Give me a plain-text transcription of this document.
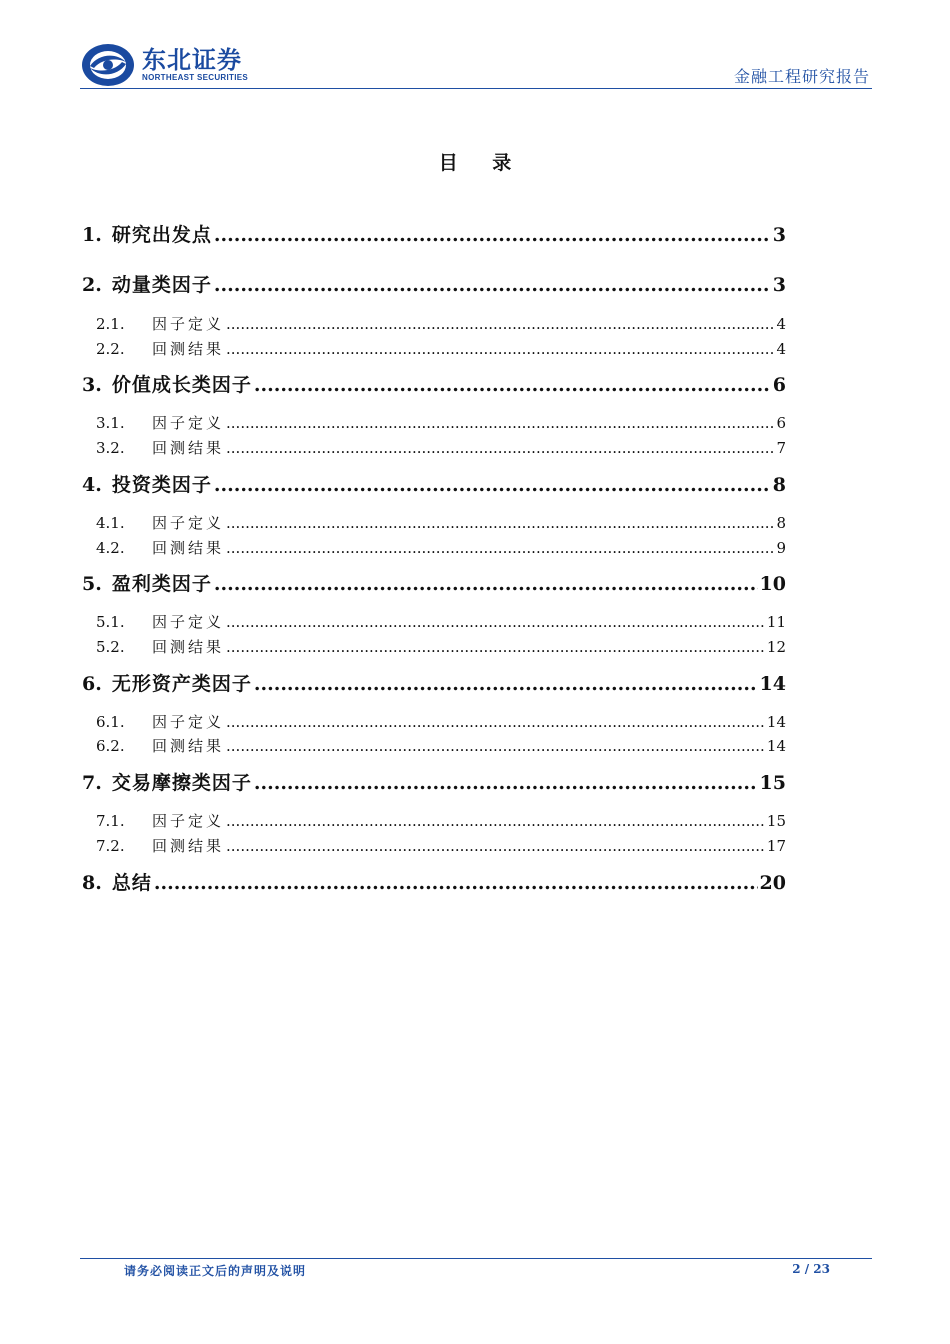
东北证券
NORTHEAST SECURITIES	金融工程研究报告
目 录
1. 研究出发点 .....	3
2. 动量类因子 .....	3
2.1.	因子定义 .....	4
2.2.	回测结果 .....	4
3. 价值成长类因子 .....	6
3.1.	因子定义 .....	6
3.2.	回测结果 .....	7
4. 投资类因子 .....	8
4.1.	因子定义 .....	8
4.2.	回测结果 .....	9
5. 盈利类因子 .....	10
5.1.	因子定义 .....	11
5.2.	回测结果 .....	12
6. 无形资产类因子 .....	14
6.1.	因子定义 .....	14
6.2.	回测结果 .....	14
7. 交易摩擦类因子 .....	15
7.1.	因子定义 .....	15
7.2.	回测结果 .....	17
8. 总结 .....	20
请务必阅读正文后的声明及说明	2 / 23
